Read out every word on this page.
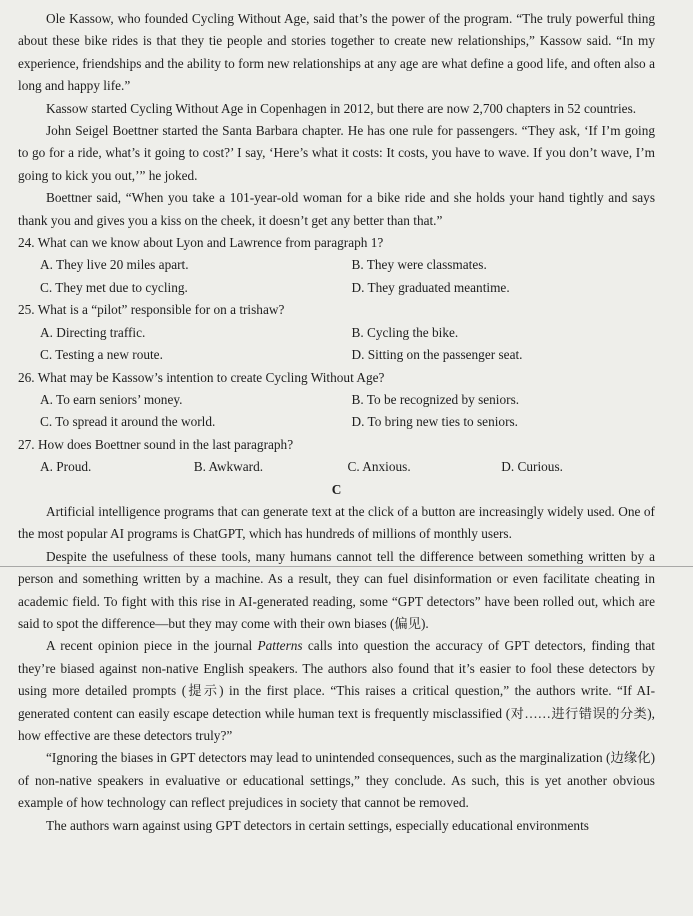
Ole Kassow, who founded Cycling Without Age, said that’s the power of the program. “The truly powerful thing about these bike rides is that they tie people and stories together to create new relationships,” Kassow said. “In my experience, friendships and the ability to form new relationships at any age are what define a good life, and often also a long and happy life.”

Kassow started Cycling Without Age in Copenhagen in 2012, but there are now 2,700 chapters in 52 countries.

John Seigel Boettner started the Santa Barbara chapter. He has one rule for passengers. “They ask, ‘If I’m going to go for a ride, what’s it going to cost?’ I say, ‘Here’s what it costs: It costs, you have to wave. If you don’t wave, I’m going to kick you out,’” he joked.

Boettner said, “When you take a 101-year-old woman for a bike ride and she holds your hand tightly and says thank you and gives you a kiss on the cheek, it doesn’t get any better than that.”

24. What can we know about Lyon and Lawrence from paragraph 1?

A. They live 20 miles apart.	B. They were classmates.
C. They met due to cycling.	D. They graduated meantime.

25. What is a “pilot” responsible for on a trishaw?

A. Directing traffic.	B. Cycling the bike.
C. Testing a new route.	D. Sitting on the passenger seat.

26. What may be Kassow’s intention to create Cycling Without Age?

A. To earn seniors’ money.	B. To be recognized by seniors.
C. To spread it around the world.	D. To bring new ties to seniors.

27. How does Boettner sound in the last paragraph?

A. Proud.	B. Awkward.	C. Anxious.	D. Curious.

C

Artificial intelligence programs that can generate text at the click of a button are increasingly widely used. One of the most popular AI programs is ChatGPT, which has hundreds of millions of monthly users.

Despite the usefulness of these tools, many humans cannot tell the difference between something written by a person and something written by a machine. As a result, they can fuel disinformation or even facilitate cheating in academic field. To fight with this rise in AI-generated reading, some “GPT detectors” have been rolled out, which are said to spot the difference—but they may come with their own biases (偏见).

A recent opinion piece in the journal Patterns calls into question the accuracy of GPT detectors, finding that they’re biased against non-native English speakers. The authors also found that it’s easier to fool these detectors by using more detailed prompts (提示) in the first place. “This raises a critical question,” the authors write. “If AI-generated content can easily escape detection while human text is frequently misclassified (对……进行错误的分类), how effective are these detectors truly?”

“Ignoring the biases in GPT detectors may lead to unintended consequences, such as the marginalization (边缘化) of non-native speakers in evaluative or educational settings,” they conclude. As such, this is yet another obvious example of how technology can reflect prejudices in society that cannot be removed.

The authors warn against using GPT detectors in certain settings, especially educational environments
